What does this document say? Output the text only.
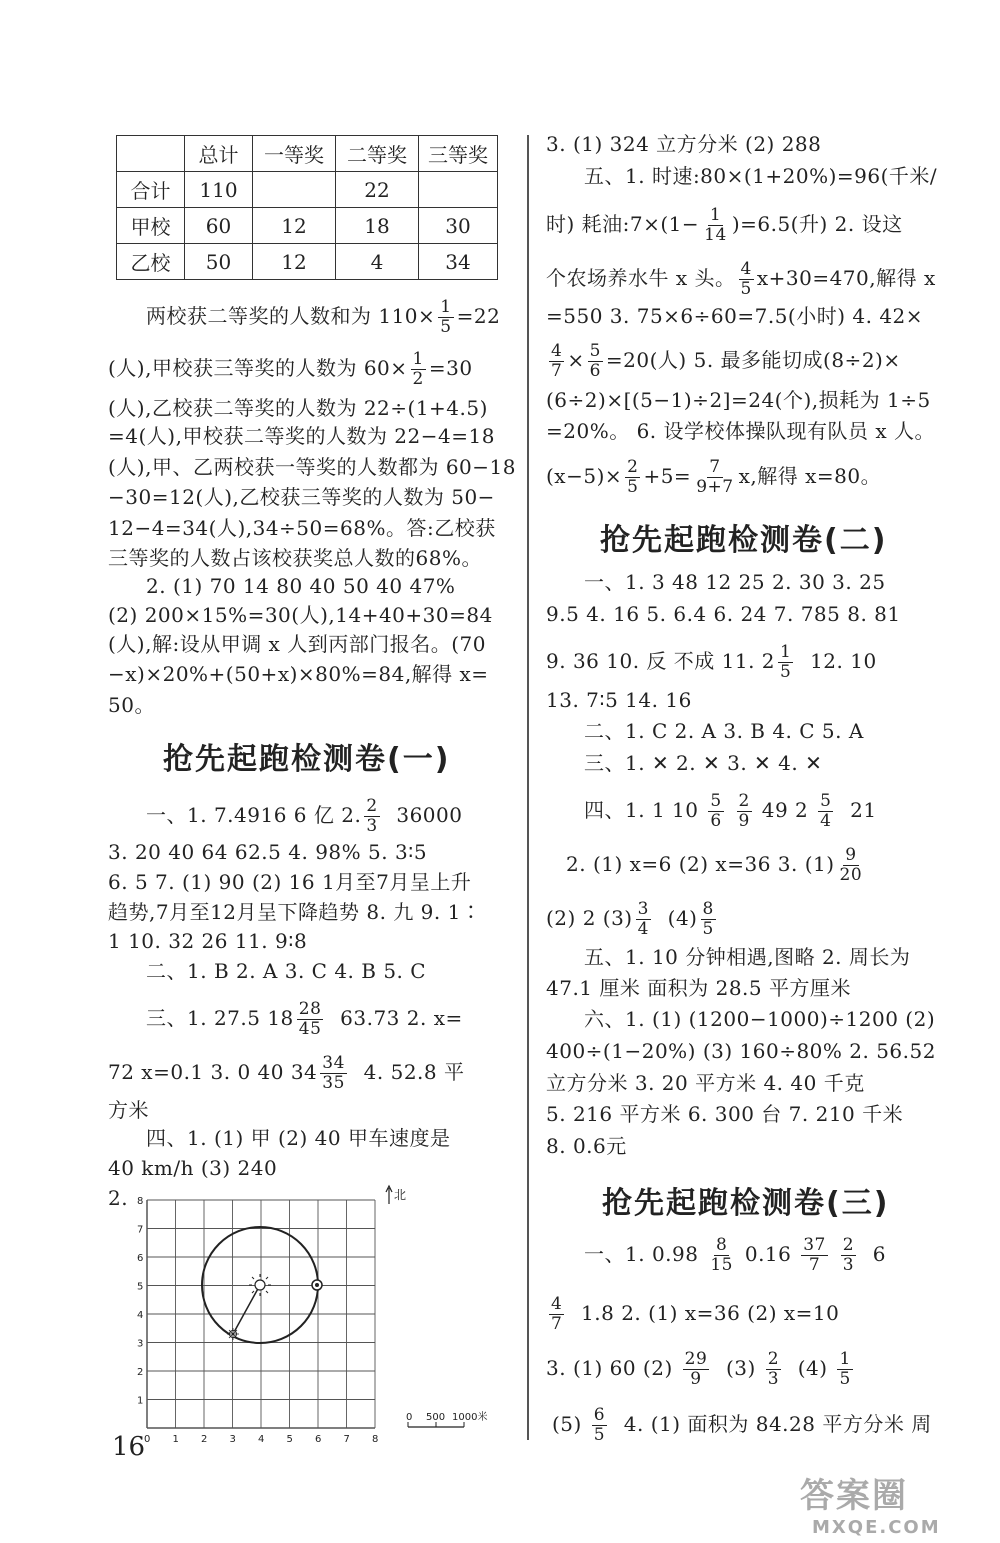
	总计	一等奖	二等奖	三等奖
合计	110		22	
甲校	60	12	18	30
乙校	50	12	4	34
两校获二等奖的人数和为 $110\times \frac{1}{5} =22$
(人),甲校获三等奖的人数为 $60\times \frac{1}{2} =30$
(人),乙校获二等奖的人数为 22÷(1+4.5)
=4(人),甲校获二等奖的人数为 22−4=18
(人),甲、乙两校获一等奖的人数都为 60−18
−30=12(人),乙校获三等奖的人数为 50−
12−4=34(人),34÷50=68%。答:乙校获
三等奖的人数占该校获奖总人数的68%。
2. (1) 70 14 80 40 50 40 47%
(2) 200×15%=30(人),14+40+30=84
(人),解:设从甲调 x 人到丙部门报名。(70
−x)×20%+(50+x)×80%=84,解得 x=
50。
抢先起跑检测卷(一)
一、1. 7.4916 6 亿 2. $\frac{2}{3} 36000$
3. 20 40 64 62.5 4. 98% 5. 3∶5
6. 5 7. (1) 90 (2) 16 1月至7月呈上升
趋势,7月至12月呈下降趋势 8. 九 9. 1∶
1 10. 32 26 11. 9∶8
二、1. B 2. A 3. C 4. B 5. C
三、1. 27.5 $18 \frac{28}{45} 63.73$ 2. x=
72 x=0.1 3. 0 40 $34 \frac{34}{35} 4$. 52.8 平
方米
四、1. (1) 甲 (2) 40 甲车速度是
40 km/h (3) 240
2.
0 1 2 3 4 5 6 7 8
1
2
3
4
5
6
7
8	北
0 500 1000米
3. (1) 324 立方分米 (2) 288
五、1. 时速:80×(1+20%)=96(千米/
时) 耗油:7×(1− $\frac{1}{14} )=6.5$(升) 2. 设这
个农场养水牛 x 头。 $\frac{4}{5} x+30=470$,解得 x
=550 3. 75×6÷60=7.5(小时) 4. 42×
$\frac{4}{7} \times \frac{5}{6} =20$(人) 5. 最多能切成(8÷2)×
(6÷2)×[(5−1)÷2]=24(个),损耗为 1÷5
=20%。 6. 设学校体操队现有队员 x 人。
$(x-5)\times \frac{2}{5} +5= \frac{7}{9+7} x$,解得 x=80。
抢先起跑检测卷(二)
一、1. 3 48 12 25 2. 30 3. 25
9.5 4. 16 5. 6.4 6. 24 7. 785 8. 81
9. 36 10. 反 不成 11. $2 \frac{1}{5} 12$. 10
13. 7∶5 14. 16
二、1. C 2. A 3. B 4. C 5. A
三、1. ✕ 2. ✕ 3. ✕ 4. ✕
四、1. 1 $10 \frac{5}{6}$
$\frac{2}{9} 49$ $2 \frac{5}{4} 21$
2. (1) x=6 (2) x=36 3. $(1) \frac{9}{20}$
(2) 2 $(3) \frac{3}{4} (4) \frac{8}{5}$
五、1. 10 分钟相遇,图略 2. 周长为
47.1 厘米 面积为 28.5 平方厘米
六、1. (1) (1200−1000)÷1200 (2)
400÷(1−20%) (3) 160÷80% 2. 56.52
立方分米 3. 20 平方米 4. 40 千克
5. 216 平方米 6. 300 台 7. 210 千米
8. 0.6元
抢先起跑检测卷(三)
一、1. $0.98 \frac{8}{15} 0.16 \frac{37}{7}$
$\frac{2}{3} 6$
$\frac{4}{7} 1.8$ 2. (1) x=36 (2) x=10
3. (1) 60 $(2) \frac{29}{9} (3) \frac{2}{3} (4) \frac{1}{5}$
$(5) \frac{6}{5} 4$. (1) 面积为 84.28 平方分米 周
16
答案圈
MXQE.COM
